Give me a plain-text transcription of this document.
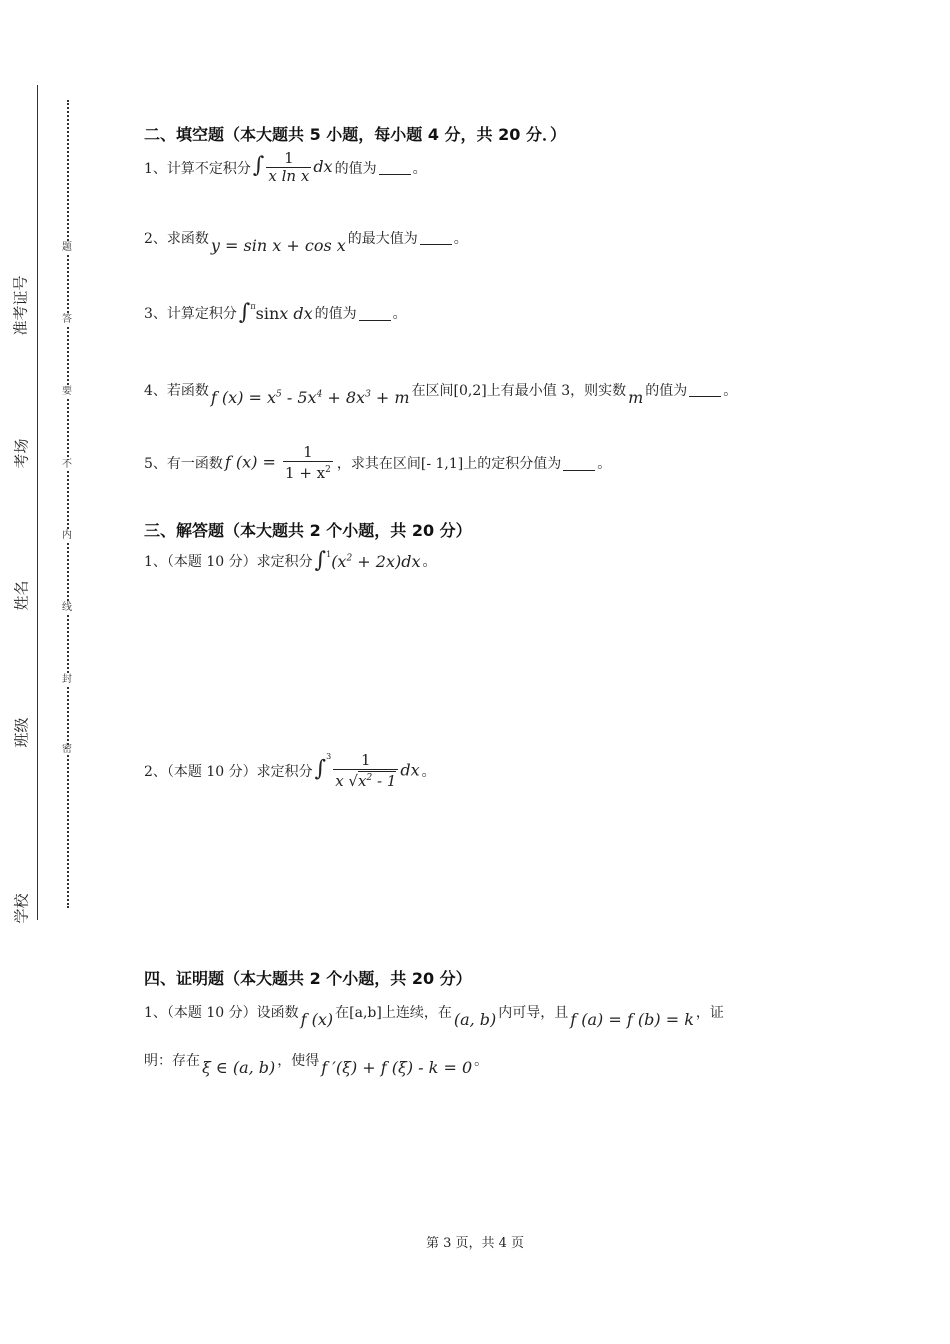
学校
班级
姓名
考场
准考证号
密
封
线
内
不
要
答
题
二、填空题（本大题共 5 小题，每小题 4 分，共 20 分．）
1、计算不定积分 ∫ $\frac{1}{\text{x ln x}}$ dx 的值为	。
2、求函数 y = sin x + cos x 的最大值为	。
3、计算定积分 ∫$^\pi$sinx dx 的值为	。
4、若函数 f $(x) = x^5 - 5x^4 + 8x^3 + m$ 在区间[0,2]上有最小值 3，则实数 m 的值为	。
5、有一函数 f $(x) = \frac{1}{1 + x^2}$ ，求其在区间[- 1,1]上的定积分值为	。
三、解答题（本大题共 2 个小题，共 20 分）
1、（本题 10 分）求定积分 $\int^1(x^2 + 2x)dx$ 。
2、（本题 10 分）求定积分 $\int^3 \frac{1}{x √x^2 - 1}$ dx 。
四、证明题（本大题共 2 个小题，共 20 分）
1、（本题 10 分）设函数 f (x) 在[a,b]上连续，在 (a, b) 内可导，且 f (a) = f (b) = k ，证
明：存在 ξ ∈ (a, b) ，使得 f ′(ξ) + f (ξ) - k = 0 。
第 3 页，共 4 页
